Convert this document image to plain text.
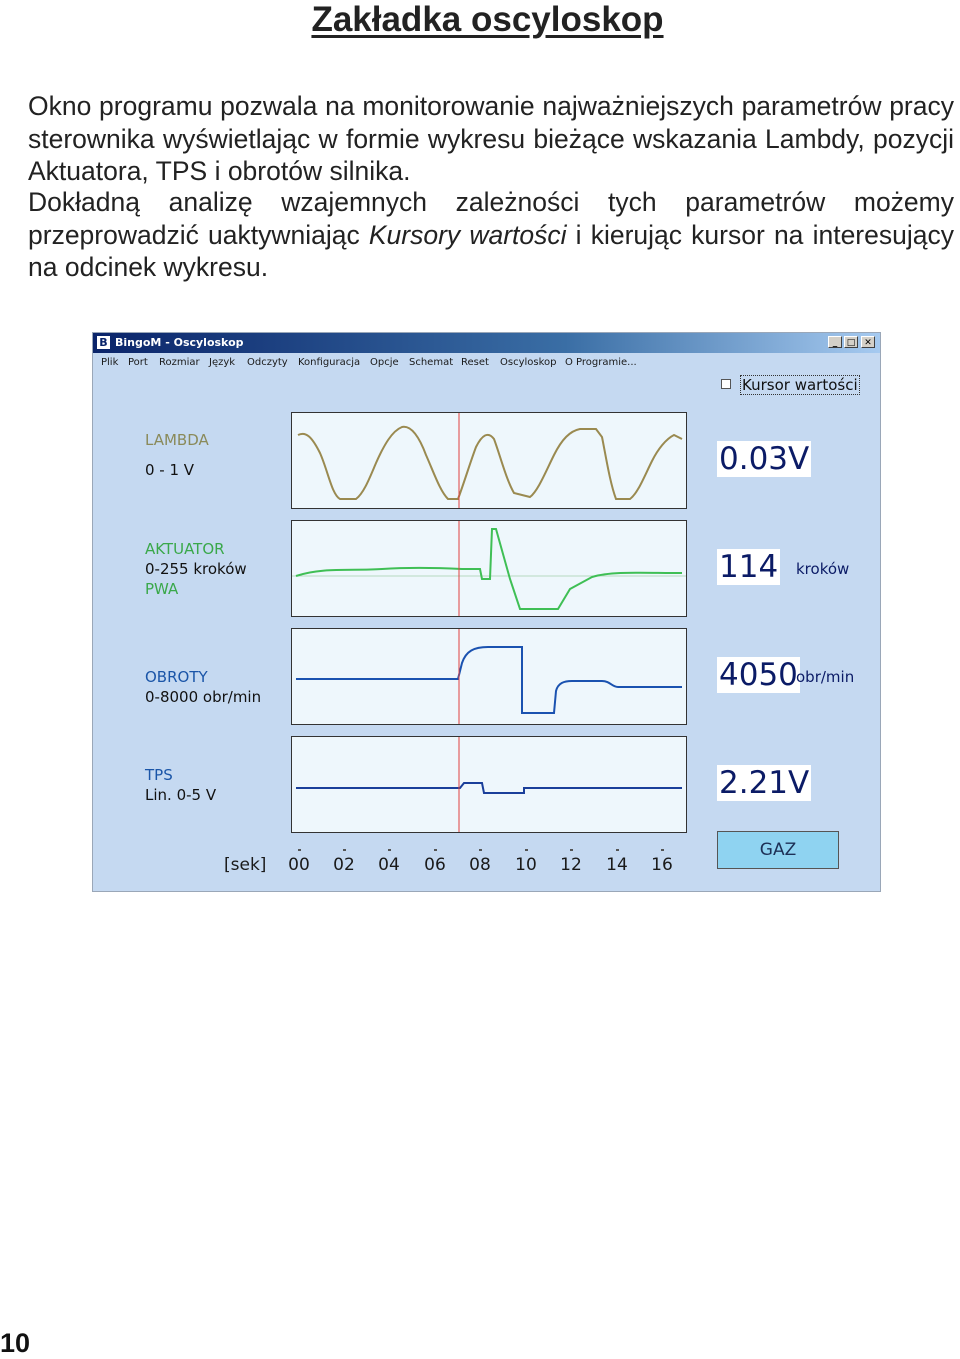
Zakładka oscyloskop

Okno programu pozwala na monitorowanie najważniejszych parametrów pracy sterownika wyświetlając w formie wykresu bieżące wskazania Lambdy, pozycji Aktuatora, TPS i obrotów silnika.

Dokładną analizę wzajemnych zależności tych parametrów możemy przeprowadzić uaktywniając Kursory wartości i kierując kursor na interesujący na odcinek wykresu.

B BingoM - Oscyloskop	_	□ ✕
Plik Port Rozmiar Język Odczyty Konfiguracja Opcje Schemat Reset Oscyloskop O Programie...
Kursor wartości
LAMBDA
0 - 1 V
AKTUATOR
0-255 kroków
PWA
OBROTY
0-8000 obr/min
TPS
Lin. 0-5 V
0.03V
114 kroków
4050
obr/min
2.21V
GAZ
[sek] 00 02 04 06 08 10 12 14 16
10
